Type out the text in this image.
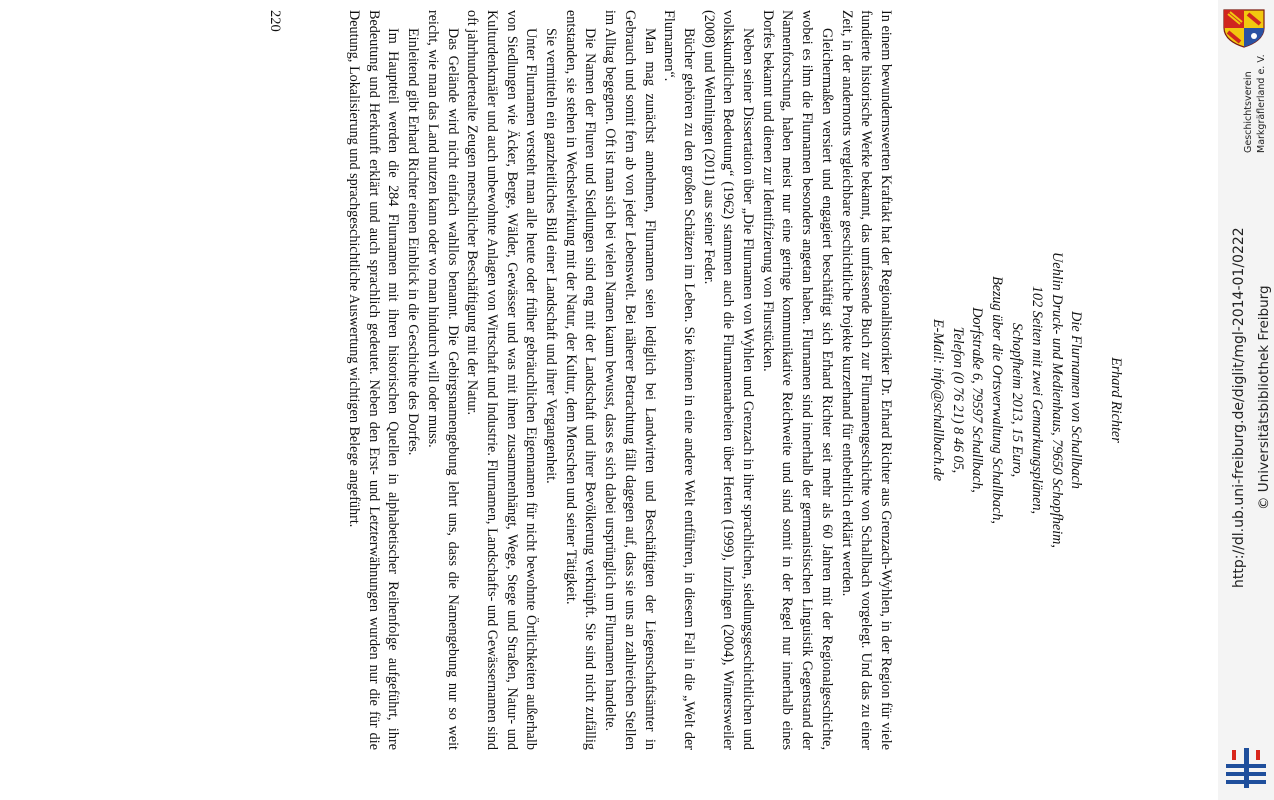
Erhard Richter
Die Flurnamen von Schallbach
Uehlin Druck- und Medienhaus, 79650 Schopfheim,
102 Seiten mit zwei Gemarkungsplänen,
Schopfheim 2013, 15 Euro,
Bezug über die Ortsverwaltung Schallbach,
Dorfstraße 6, 79597 Schallbach,
Telefon (0 76 21) 8 46 05,
E-Mail: info@schallbach.de

In einem bewundernswerten Kraftakt hat der Regionalhistoriker Dr. Erhard Richter aus Grenzach-Wyhlen, in der Region für viele fundierte historische Werke bekannt, das umfassende Buch zur Flurnamengeschichte von Schallbach vorgelegt. Und das zu einer Zeit, in der andernorts vergleichbare geschichtliche Projekte kurzerhand für entbehrlich erklärt werden.

Gleichermaßen versiert und engagiert beschäftigt sich Erhard Richter seit mehr als 60 Jahren mit der Regionalgeschichte, wobei es ihm die Flurnamen besonders angetan haben. Flurnamen sind innerhalb der germanistischen Linguistik Gegenstand der Namenforschung, haben meist nur eine geringe kommunikative Reichweite und sind somit in der Regel nur innerhalb eines Dorfes bekannt und dienen zur Identifizierung von Flurstücken.

Neben seiner Dissertation über „Die Flurnamen von Wyhlen und Grenzach in ihrer sprachlichen, siedlungsgeschichtlichen und volkskundlichen Bedeutung“ (1962) stammen auch die Flurnamenarbeiten über Herten (1999), Inzlingen (2004), Wintersweiler (2008) und Welmlingen (2011) aus seiner Feder.

Bücher gehören zu den großen Schätzen im Leben. Sie können in eine andere Welt entführen, in diesem Fall in die „Welt der Flurnamen“.

Man mag zunächst annehmen, Flurnamen seien lediglich bei Landwirten und Beschäftigten der Liegenschaftsämter in Gebrauch und somit fern ab von jeder Lebenswelt. Bei näherer Betrachtung fällt dagegen auf, dass sie uns an zahlreichen Stellen im Alltag begegnen. Oft ist man sich bei vielen Namen kaum bewusst, dass es sich dabei ursprünglich um Flurnamen handelte.

Die Namen der Fluren und Siedlungen sind eng mit der Landschaft und ihrer Bevölkerung verknüpft. Sie sind nicht zufällig entstanden, sie stehen in Wechselwirkung mit der Natur, der Kultur, dem Menschen und seiner Tätigkeit.

Sie vermitteln ein ganzheitliches Bild einer Landschaft und ihrer Vergangenheit.

Unter Flurnamen versteht man alle heute oder früher gebräuchlichen Eigennamen für nicht bewohnte Örtlichkeiten außerhalb von Siedlungen wie Äcker, Berge, Wälder, Gewässer und was mit ihnen zusammenhängt, Wege, Stege und Straßen, Natur- und Kulturdenkmäler und auch unbewohnte Anlagen von Wirtschaft und Industrie. Flurnamen, Landschafts- und Gewässernamen sind oft jahrhundertealte Zeugen menschlicher Beschäftigung mit der Natur.

Das Gelände wird nicht einfach wahllos benannt. Die Gebirgsnamengebung lehrt uns, dass die Namengebung nur so weit reicht, wie man das Land nutzen kann oder wo man hindurch will oder muss.

Einleitend gibt Erhard Richter einen Einblick in die Geschichte des Dorfes.

Im Hauptteil werden die 284 Flurnamen mit ihren historischen Quellen in alphabetischer Reihenfolge aufgeführt, ihre Bedeutung und Herkunft erklärt und auch sprachlich gedeutet. Neben den Erst- und Letzterwähnungen wurden nur die für die Deutung, Lokalisierung und sprachgeschichtliche Auswertung wichtigen Belege angeführt.

220
Geschichtsverein Markgräflerland e. V.
http://dl.ub.uni-freiburg.de/diglit/mgl-2014-01/0222 © Universitätsbibliothek Freiburg
